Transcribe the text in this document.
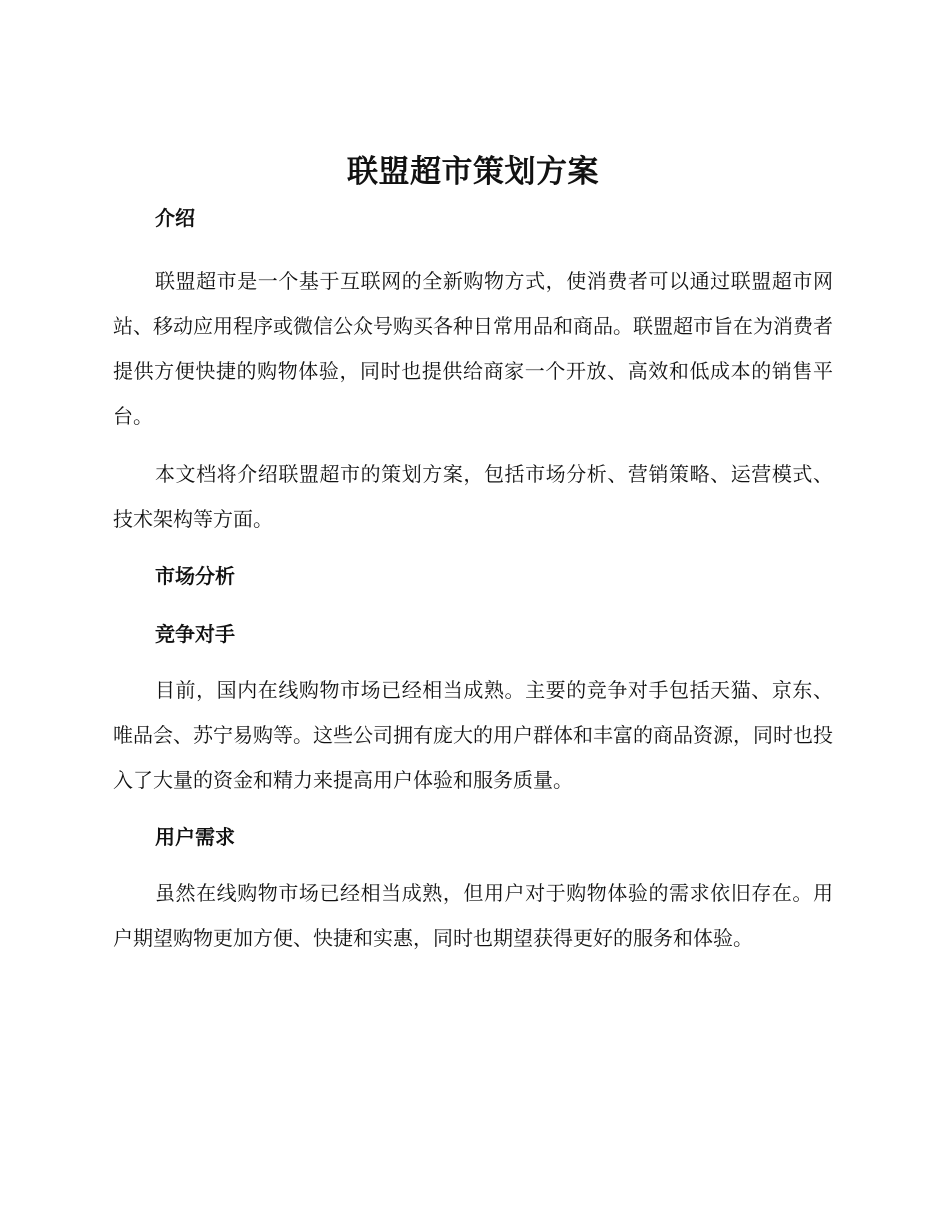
联盟超市策划方案
介绍

联盟超市是一个基于互联网的全新购物方式，使消费者可以通过联盟超市网站、移动应用程序或微信公众号购买各种日常用品和商品。联盟超市旨在为消费者提供方便快捷的购物体验，同时也提供给商家一个开放、高效和低成本的销售平台。

本文档将介绍联盟超市的策划方案，包括市场分析、营销策略、运营模式、技术架构等方面。

市场分析
竞争对手

目前，国内在线购物市场已经相当成熟。主要的竞争对手包括天猫、京东、唯品会、苏宁易购等。这些公司拥有庞大的用户群体和丰富的商品资源，同时也投入了大量的资金和精力来提高用户体验和服务质量。

用户需求

虽然在线购物市场已经相当成熟，但用户对于购物体验的需求依旧存在。用户期望购物更加方便、快捷和实惠，同时也期望获得更好的服务和体验。
